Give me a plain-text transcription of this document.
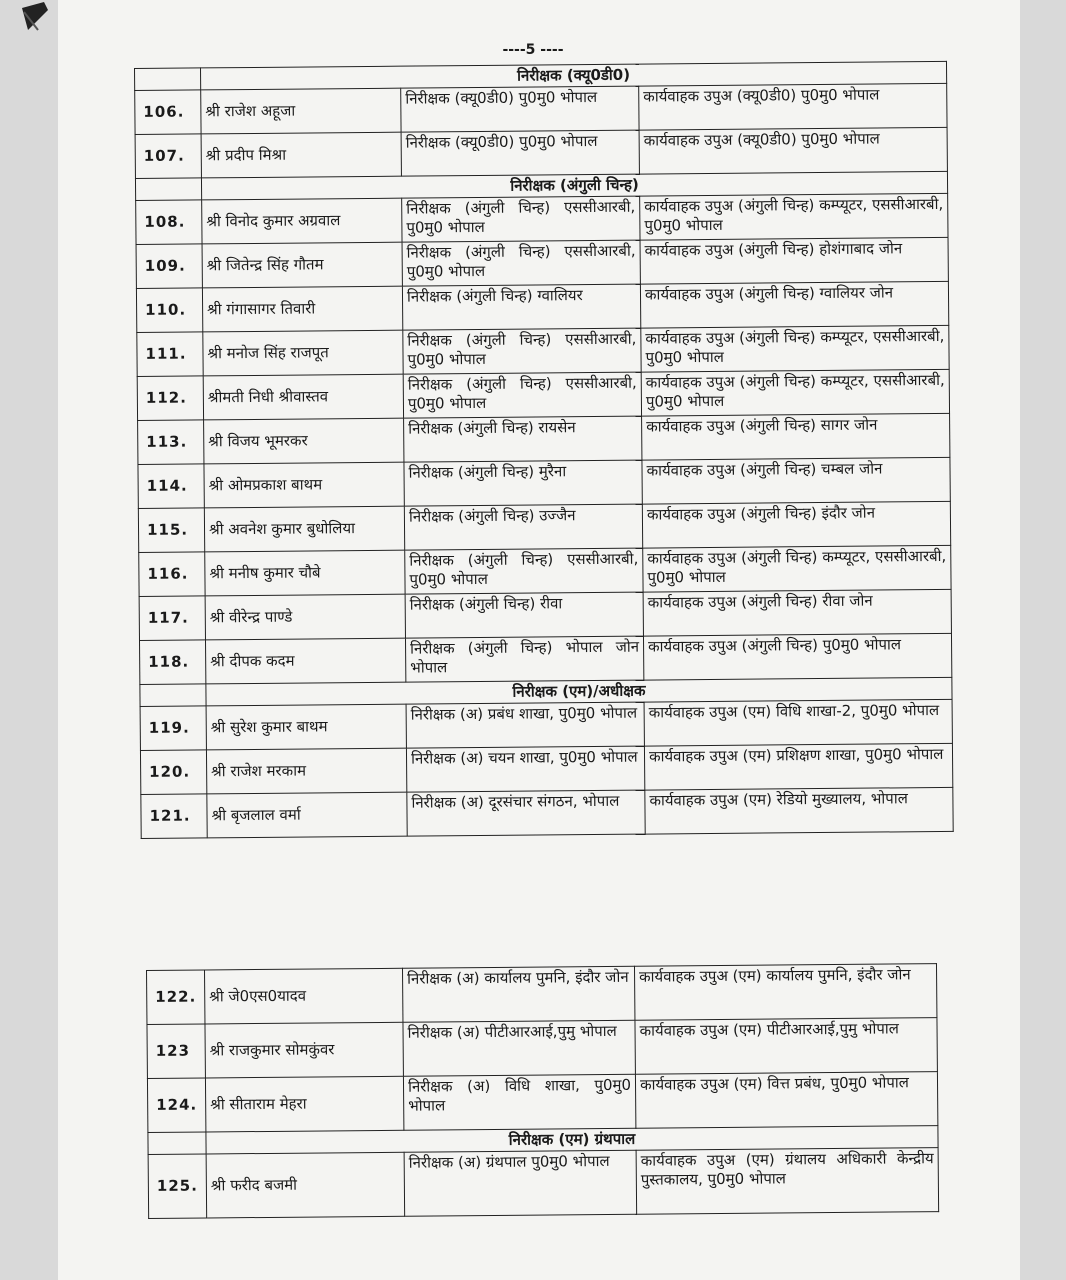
----5 ----
	निरीक्षक (क्यू0डी0)		
106.	श्री राजेश अहूजा	निरीक्षक (क्यू0डी0) पु0मु0 भोपाल	कार्यवाहक उपुअ (क्यू0डी0) पु0मु0 भोपाल
107.	श्री प्रदीप मिश्रा	निरीक्षक (क्यू0डी0) पु0मु0 भोपाल	कार्यवाहक उपुअ (क्यू0डी0) पु0मु0 भोपाल
	निरीक्षक (अंगुली चिन्ह)		
108.	श्री विनोद कुमार अग्रवाल	निरीक्षक (अंगुली चिन्ह) एससीआरबी, पु0मु0 भोपाल	कार्यवाहक उपुअ (अंगुली चिन्ह) कम्प्यूटर, एससीआरबी, पु0मु0 भोपाल
109.	श्री जितेन्द्र सिंह गौतम	निरीक्षक (अंगुली चिन्ह) एससीआरबी, पु0मु0 भोपाल	कार्यवाहक उपुअ (अंगुली चिन्ह) होशंगाबाद जोन
110.	श्री गंगासागर तिवारी	निरीक्षक (अंगुली चिन्ह) ग्वालियर	कार्यवाहक उपुअ (अंगुली चिन्ह) ग्वालियर जोन
111.	श्री मनोज सिंह राजपूत	निरीक्षक (अंगुली चिन्ह) एससीआरबी, पु0मु0 भोपाल	कार्यवाहक उपुअ (अंगुली चिन्ह) कम्प्यूटर, एससीआरबी, पु0मु0 भोपाल
112.	श्रीमती निधी श्रीवास्तव	निरीक्षक (अंगुली चिन्ह) एससीआरबी, पु0मु0 भोपाल	कार्यवाहक उपुअ (अंगुली चिन्ह) कम्प्यूटर, एससीआरबी, पु0मु0 भोपाल
113.	श्री विजय भूमरकर	निरीक्षक (अंगुली चिन्ह) रायसेन	कार्यवाहक उपुअ (अंगुली चिन्ह) सागर जोन
114.	श्री ओमप्रकाश बाथम	निरीक्षक (अंगुली चिन्ह) मुरैना	कार्यवाहक उपुअ (अंगुली चिन्ह) चम्बल जोन
115.	श्री अवनेश कुमार बुधोलिया	निरीक्षक (अंगुली चिन्ह) उज्जैन	कार्यवाहक उपुअ (अंगुली चिन्ह) इंदौर जोन
116.	श्री मनीष कुमार चौबे	निरीक्षक (अंगुली चिन्ह) एससीआरबी, पु0मु0 भोपाल	कार्यवाहक उपुअ (अंगुली चिन्ह) कम्प्यूटर, एससीआरबी, पु0मु0 भोपाल
117.	श्री वीरेन्द्र पाण्डे	निरीक्षक (अंगुली चिन्ह) रीवा	कार्यवाहक उपुअ (अंगुली चिन्ह) रीवा जोन
118.	श्री दीपक कदम	निरीक्षक (अंगुली चिन्ह) भोपाल जोन भोपाल	कार्यवाहक उपुअ (अंगुली चिन्ह) पु0मु0 भोपाल
	निरीक्षक (एम)/अधीक्षक		
119.	श्री सुरेश कुमार बाथम	निरीक्षक (अ) प्रबंध शाखा, पु0मु0 भोपाल	कार्यवाहक उपुअ (एम) विधि शाखा-2, पु0मु0 भोपाल
120.	श्री राजेश मरकाम	निरीक्षक (अ) चयन शाखा, पु0मु0 भोपाल	कार्यवाहक उपुअ (एम) प्रशिक्षण शाखा, पु0मु0 भोपाल
121.	श्री बृजलाल वर्मा	निरीक्षक (अ) दूरसंचार संगठन, भोपाल	कार्यवाहक उपुअ (एम) रेडियो मुख्यालय, भोपाल
122.	श्री जे0एस0यादव	निरीक्षक (अ) कार्यालय पुमनि, इंदौर जोन	कार्यवाहक उपुअ (एम) कार्यालय पुमनि, इंदौर जोन
123	श्री राजकुमार सोमकुंवर	निरीक्षक (अ) पीटीआरआई,पुमु भोपाल	कार्यवाहक उपुअ (एम) पीटीआरआई,पुमु भोपाल
124.	श्री सीताराम मेहरा	निरीक्षक (अ) विधि शाखा, पु0मु0 भोपाल	कार्यवाहक उपुअ (एम) वित्त प्रबंध, पु0मु0 भोपाल
	निरीक्षक (एम) ग्रंथपाल		
125.	श्री फरीद बजमी	निरीक्षक (अ) ग्रंथपाल पु0मु0 भोपाल	कार्यवाहक उपुअ (एम) ग्रंथालय अधिकारी केन्द्रीय पुस्तकालय, पु0मु0 भोपाल
